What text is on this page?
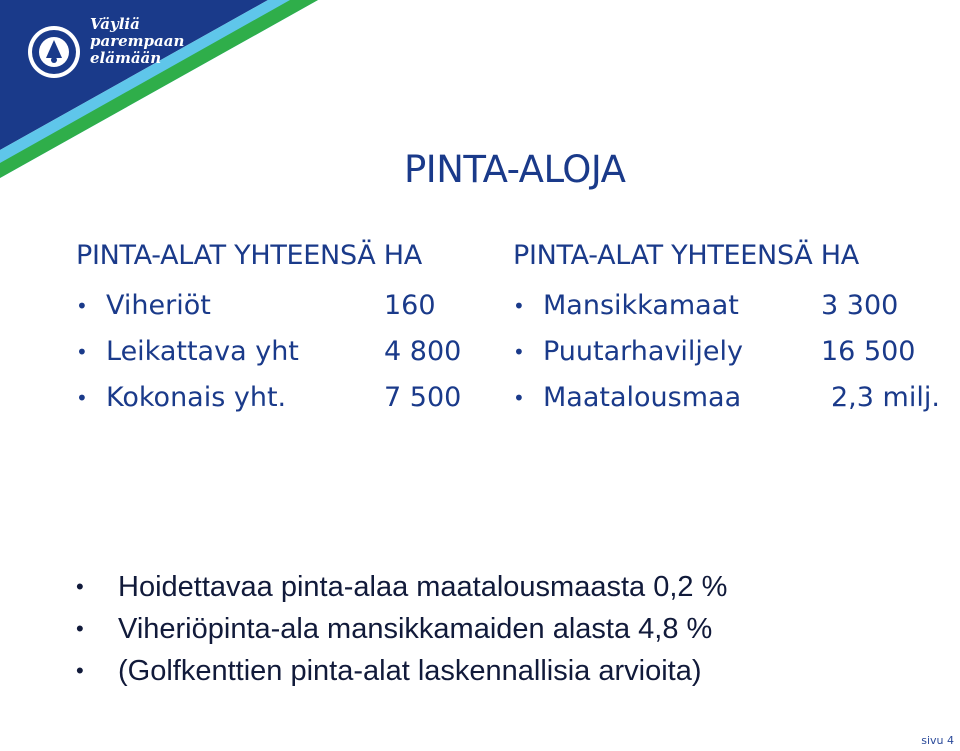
Väyliä
parempaan
elämään
PINTA-ALOJA
PINTA-ALAT YHTEENSÄ HA
• Viheriöt	160
• Leikattava yht	4 800
• Kokonais yht.	7 500
PINTA-ALAT YHTEENSÄ HA
• Mansikkamaat	3 300
• Puutarhaviljely	16 500
• Maatalousmaa	2,3 milj.
• Hoidettavaa pinta-alaa maatalousmaasta 0,2 %
• Viheriöpinta-ala mansikkamaiden alasta 4,8 %
• (Golfkenttien pinta-alat laskennallisia arvioita)
sivu 4
